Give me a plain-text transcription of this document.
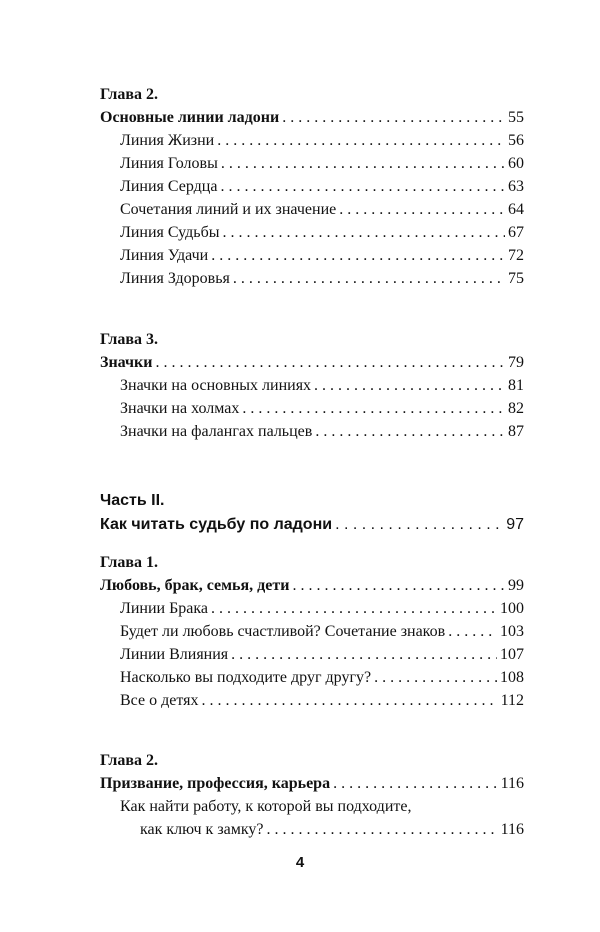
Глава 2.
Основные линии ладони . . .	55
Линия Жизни . . .	56
Линия Головы . . .	60
Линия Сердца . . .	63
Сочетания линий и их значение . . .	64
Линия Судьбы . . .	67
Линия Удачи . . .	72
Линия Здоровья . . .	75
Глава 3.
Значки . . .	79
Значки на основных линиях . . .	81
Значки на холмах . . .	82
Значки на фалангах пальцев . . .	87
Часть II.
Как читать судьбу по ладони . . .	97
Глава 1.
Любовь, брак, семья, дети . . .	99
Линии Брака . . .	100
Будет ли любовь счастливой? Сочетание знаков . . .	103
Линии Влияния . . .	107
Насколько вы подходите друг другу? . . .	108
Все о детях . . .	112
Глава 2.
Призвание, профессия, карьера . . .	116
Как найти работу, к которой вы подходите,
как ключ к замку? . . .	116
4
